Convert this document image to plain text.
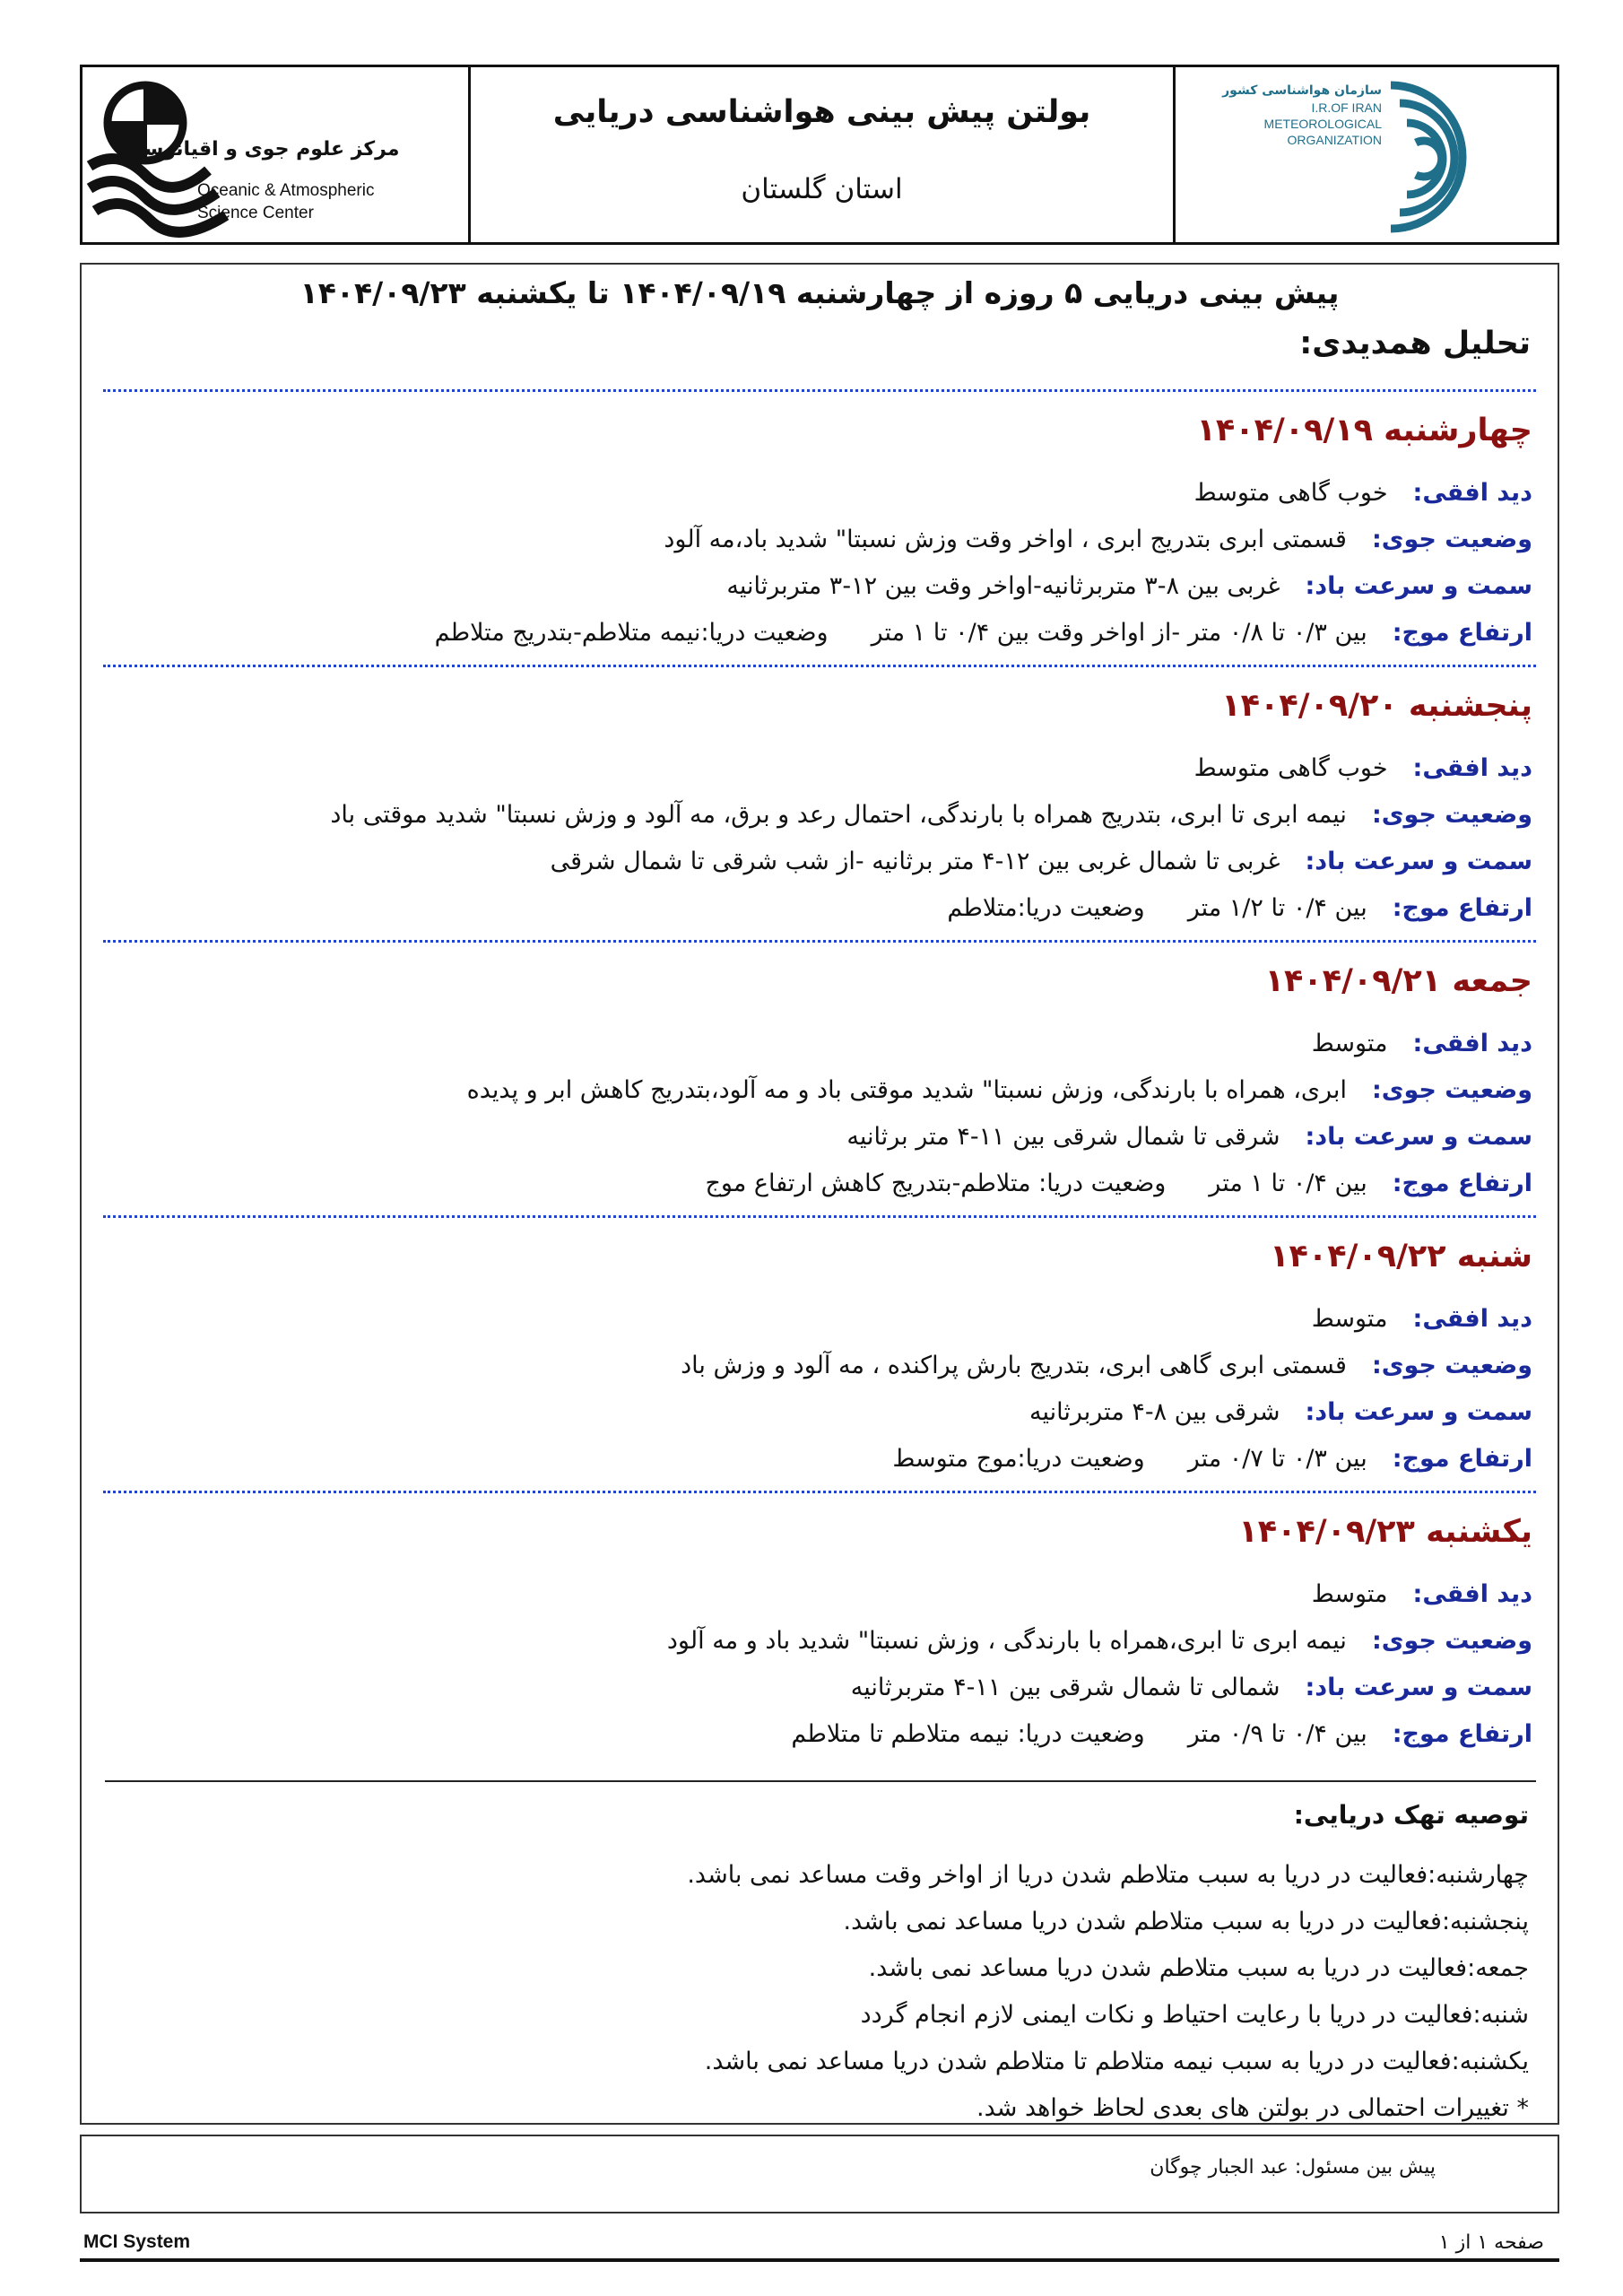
مرکز علوم جوی و اقیانوسی
Oceanic & Atmospheric
Science Center
بولتن پیش بینی هواشناسی دریایی
استان گلستان
سازمان هواشناسی کشور
I.R.OF IRAN
METEOROLOGICAL
ORGANIZATION
پیش بینی دریایی ۵ روزه از چهارشنبه ۱۴۰۴/۰۹/۱۹ تا یکشنبه ۱۴۰۴/۰۹/۲۳
تحلیل همدیدی:
چهارشنبه ۱۴۰۴/۰۹/۱۹
دید افقی:خوب گاهی متوسط
وضعیت جوی:قسمتی ابری بتدریج ابری ، اواخر وقت وزش نسبتا" شدید باد،مه آلود
سمت و سرعت باد:غربی بین ۸-۳ متربرثانیه-اواخر وقت بین ۱۲-۳ متربرثانیه
ارتفاع موج:بین ۰/۳ تا ۰/۸ متر -از اواخر وقت بین ۰/۴ تا ۱ متروضعیت دریا:نیمه متلاطم-بتدریج متلاطم
پنجشنبه ۱۴۰۴/۰۹/۲۰
دید افقی:خوب گاهی متوسط
وضعیت جوی:نیمه ابری تا ابری، بتدریج همراه با بارندگی، احتمال رعد و برق، مه آلود و وزش نسبتا" شدید موقتی باد
سمت و سرعت باد:غربی تا شمال غربی بین ۱۲-۴ متر برثانیه -از شب شرقی تا شمال شرقی
ارتفاع موج:بین ۰/۴ تا ۱/۲ متروضعیت دریا:متلاطم
جمعه ۱۴۰۴/۰۹/۲۱
دید افقی:متوسط
وضعیت جوی:ابری، همراه با بارندگی، وزش نسبتا" شدید موقتی باد و مه آلود،بتدریج کاهش ابر و پدیده
سمت و سرعت باد:شرقی تا شمال شرقی بین ۱۱-۴ متر برثانیه
ارتفاع موج:بین ۰/۴ تا ۱ متروضعیت دریا: متلاطم-بتدریج کاهش ارتفاع موج
شنبه ۱۴۰۴/۰۹/۲۲
دید افقی:متوسط
وضعیت جوی:قسمتی ابری گاهی ابری، بتدریج بارش پراکنده ، مه آلود و وزش باد
سمت و سرعت باد:شرقی بین ۸-۴ متربرثانیه
ارتفاع موج:بین ۰/۳ تا ۰/۷ متروضعیت دریا:موج متوسط
یکشنبه ۱۴۰۴/۰۹/۲۳
دید افقی:متوسط
وضعیت جوی:نیمه ابری تا ابری،همراه با بارندگی ، وزش نسبتا" شدید باد و مه آلود
سمت و سرعت باد:شمالی تا شمال شرقی بین ۱۱-۴ متربرثانیه
ارتفاع موج:بین ۰/۴ تا ۰/۹ متروضعیت دریا: نیمه متلاطم تا متلاطم
توصیه تهک دریایی:
چهارشنبه:فعالیت در دریا به سبب متلاطم شدن دریا از اواخر وقت مساعد نمی باشد.
پنجشنبه:فعالیت در دریا به سبب متلاطم شدن دریا مساعد نمی باشد.
جمعه:فعالیت در دریا به سبب متلاطم شدن دریا مساعد نمی باشد.
شنبه:فعالیت در دریا با رعایت احتیاط و نکات ایمنی لازم انجام گردد
یکشنبه:فعالیت در دریا به سبب نیمه متلاطم تا متلاطم شدن دریا مساعد نمی باشد.
* تغییرات احتمالی در بولتن های بعدی لحاظ خواهد شد.
پیش بین مسئول: عبد الجبار چوگان
MCI System	صفحه ۱ از ۱
